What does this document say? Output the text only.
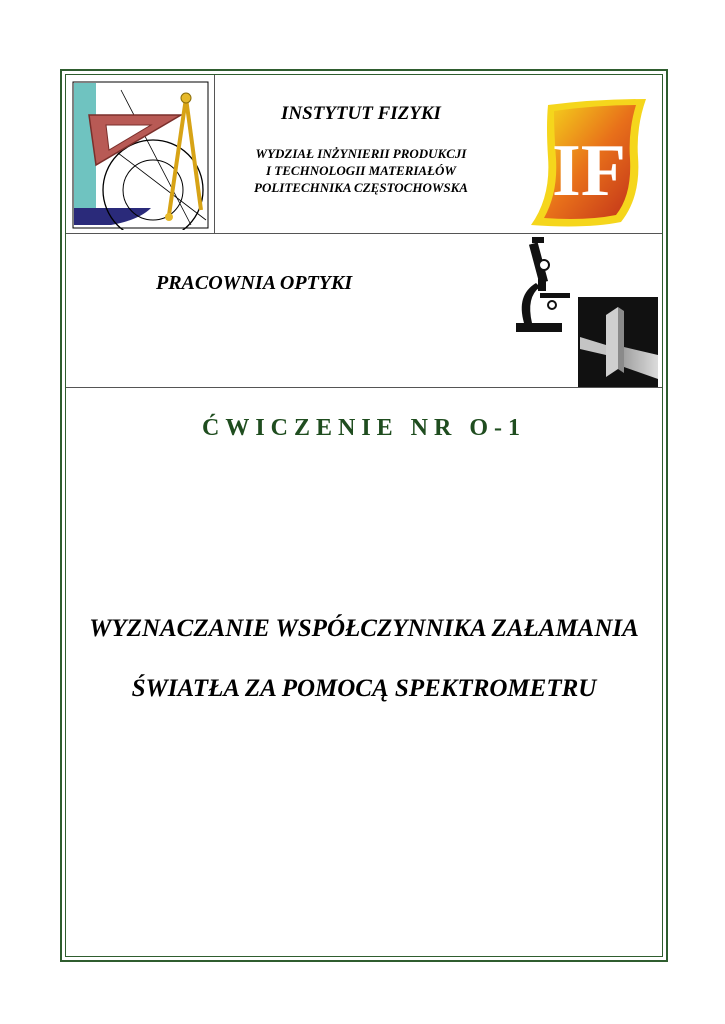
INSTYTUT FIZYKI
WYDZIAŁ INŻYNIERII PRODUKCJI
I TECHNOLOGII MATERIAŁÓW
POLITECHNIKA CZĘSTOCHOWSKA	IF
PRACOWNIA OPTYKI
ĆWICZENIE NR O-1
WYZNACZANIE WSPÓŁCZYNNIKA ZAŁAMANIA
ŚWIATŁA ZA POMOCĄ SPEKTROMETRU
